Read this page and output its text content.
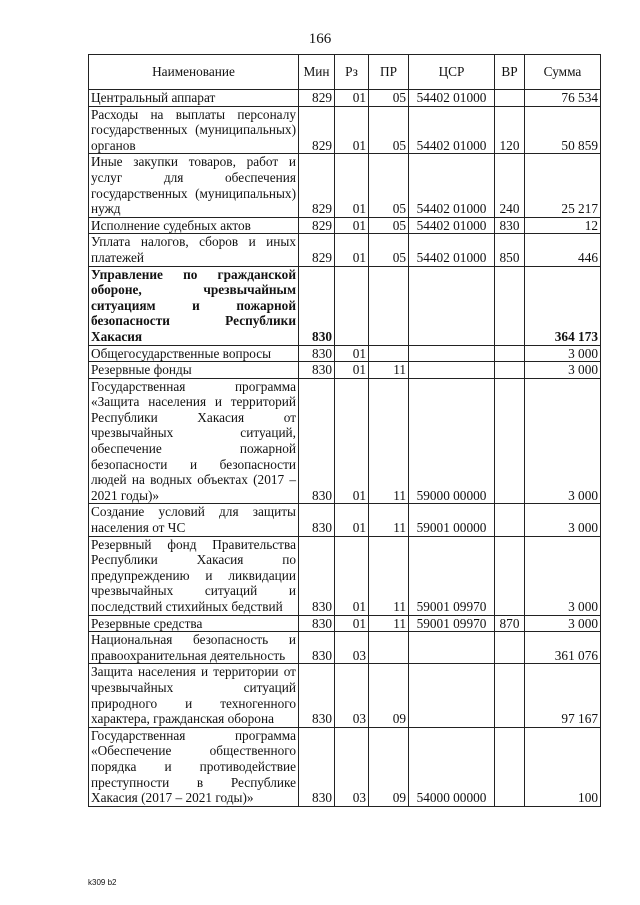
166
Наименование	Мин	Рз	ПР	ЦСР	ВР	Сумма
Центральный аппарат	829	01	05	54402 01000		76 534
Расходы на выплаты персоналу государственных (муниципальных) органов	829	01	05	54402 01000	120	50 859
Иные закупки товаров, работ и услуг для обеспечения государственных (муниципальных) нужд	829	01	05	54402 01000	240	25 217
Исполнение судебных актов	829	01	05	54402 01000	830	12
Уплата налогов, сборов и иных платежей	829	01	05	54402 01000	850	446
Управление по гражданской обороне, чрезвычайным ситуациям и пожарной безопасности Республики Хакасия	830					364 173
Общегосударственные вопросы	830	01				3 000
Резервные фонды	830	01	11			3 000
Государственная программа «Защита населения и территорий Республики Хакасия от чрезвычайных ситуаций, обеспечение пожарной безопасности и безопасности людей на водных объектах (2017 – 2021 годы)»	830	01	11	59000 00000		3 000
Создание условий для защиты населения от ЧС	830	01	11	59001 00000		3 000
Резервный фонд Правительства Республики Хакасия по предупреждению и ликвидации чрезвычайных ситуаций и последствий стихийных бедствий	830	01	11	59001 09970		3 000
Резервные средства	830	01	11	59001 09970	870	3 000
Национальная безопасность и правоохранительная деятельность	830	03				361 076
Защита населения и территории от чрезвычайных ситуаций природного и техногенного характера, гражданская оборона	830	03	09			97 167
Государственная программа «Обеспечение общественного порядка и противодействие преступности в Республике Хакасия (2017 – 2021 годы)»	830	03	09	54000 00000		100
k309 b2
